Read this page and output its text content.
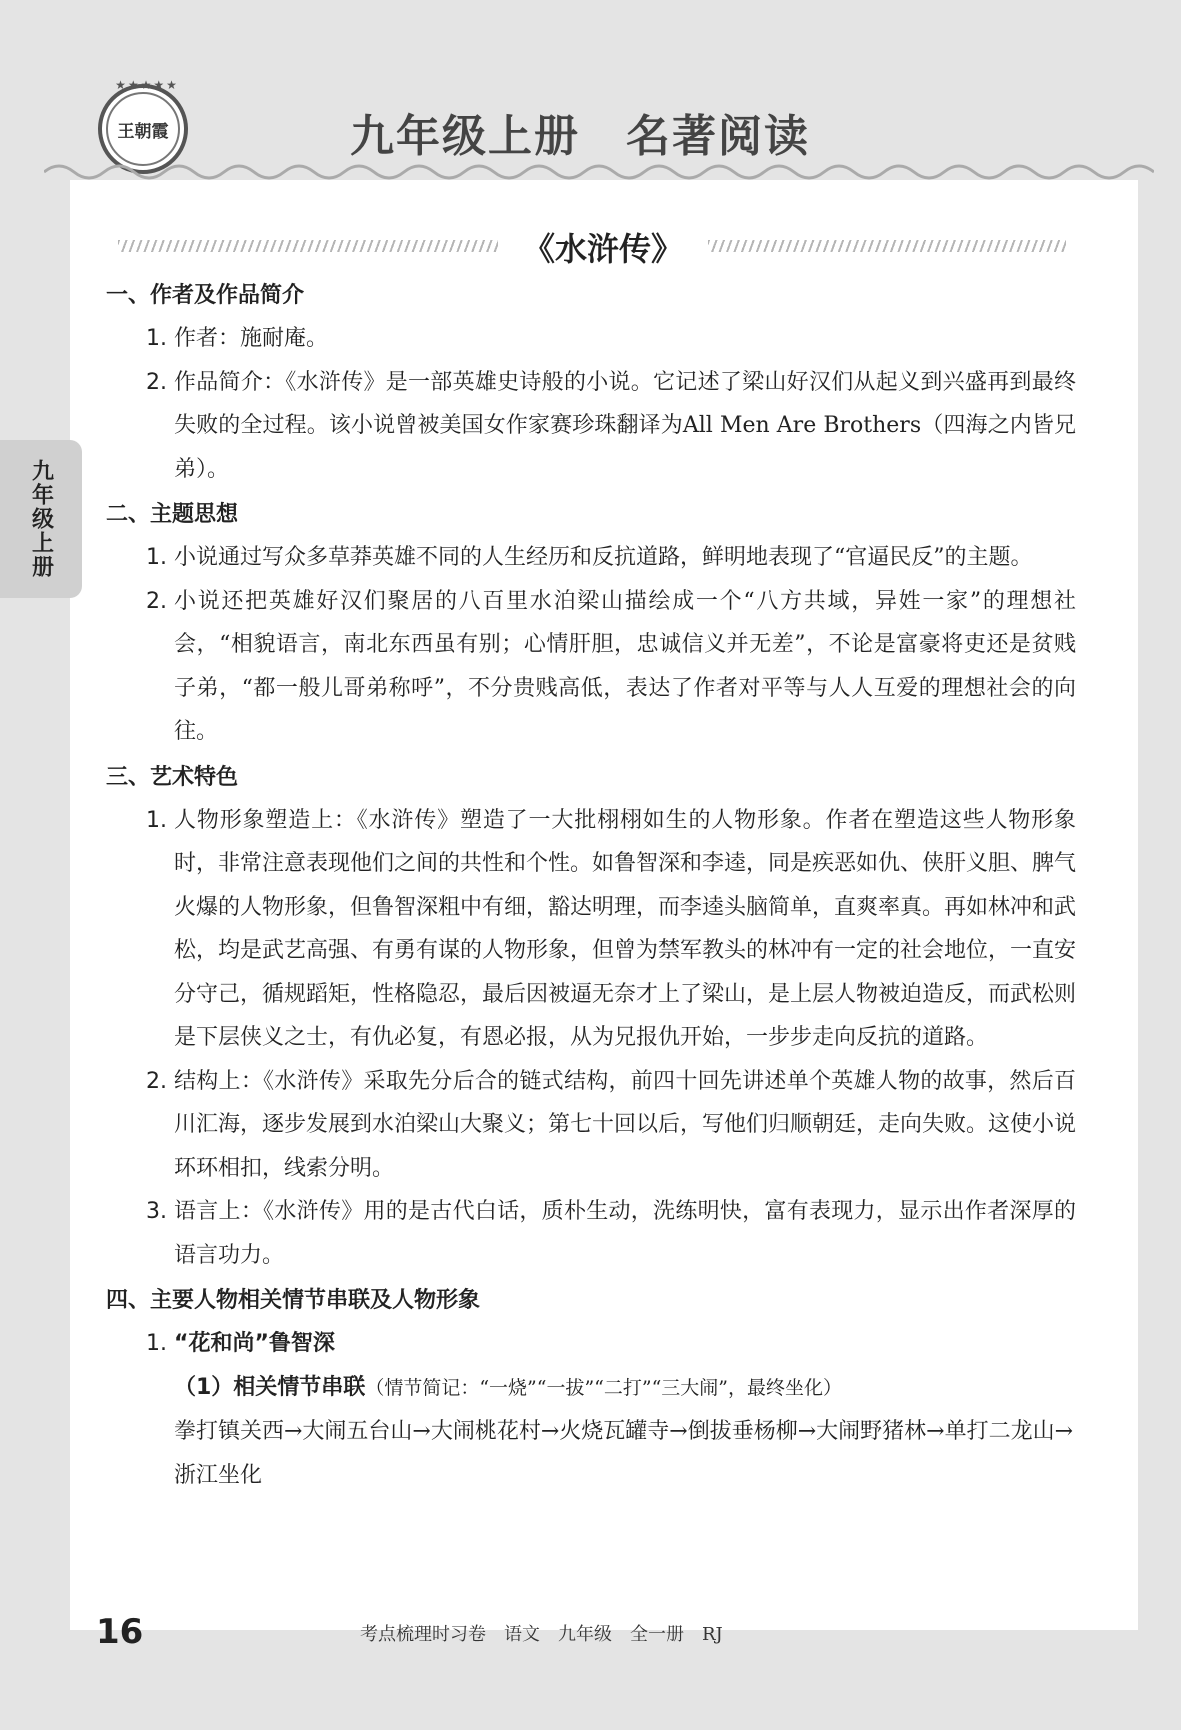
★★★★★
王朝霞	九年级上册　名著阅读
九年级上册
《水浒传》

一、作者及作品简介

1. 作者：施耐庵。

2. 作品简介：《水浒传》是一部英雄史诗般的小说。它记述了梁山好汉们从起义到兴盛再到最终失败的全过程。该小说曾被美国女作家赛珍珠翻译为All Men Are Brothers（四海之内皆兄弟）。

二、主题思想

1. 小说通过写众多草莽英雄不同的人生经历和反抗道路，鲜明地表现了“官逼民反”的主题。

2. 小说还把英雄好汉们聚居的八百里水泊梁山描绘成一个“八方共域，异姓一家”的理想社会，“相貌语言，南北东西虽有别；心情肝胆，忠诚信义并无差”，不论是富豪将吏还是贫贱子弟，“都一般儿哥弟称呼”，不分贵贱高低，表达了作者对平等与人人互爱的理想社会的向往。

三、艺术特色

1. 人物形象塑造上：《水浒传》塑造了一大批栩栩如生的人物形象。作者在塑造这些人物形象时，非常注意表现他们之间的共性和个性。如鲁智深和李逵，同是疾恶如仇、侠肝义胆、脾气火爆的人物形象，但鲁智深粗中有细，豁达明理，而李逵头脑简单，直爽率真。再如林冲和武松，均是武艺高强、有勇有谋的人物形象，但曾为禁军教头的林冲有一定的社会地位，一直安分守己，循规蹈矩，性格隐忍，最后因被逼无奈才上了梁山，是上层人物被迫造反，而武松则是下层侠义之士，有仇必复，有恩必报，从为兄报仇开始，一步步走向反抗的道路。

2. 结构上：《水浒传》采取先分后合的链式结构，前四十回先讲述单个英雄人物的故事，然后百川汇海，逐步发展到水泊梁山大聚义；第七十回以后，写他们归顺朝廷，走向失败。这使小说环环相扣，线索分明。

3. 语言上：《水浒传》用的是古代白话，质朴生动，洗练明快，富有表现力，显示出作者深厚的语言功力。

四、主要人物相关情节串联及人物形象

1. “花和尚”鲁智深

（1）相关情节串联（情节简记：“一烧”“一拔”“二打”“三大闹”，最终坐化）

拳打镇关西→大闹五台山→大闹桃花村→火烧瓦罐寺→倒拔垂杨柳→大闹野猪林→单打二龙山→浙江坐化

16	考点梳理时习卷　语文　九年级　全一册　RJ
